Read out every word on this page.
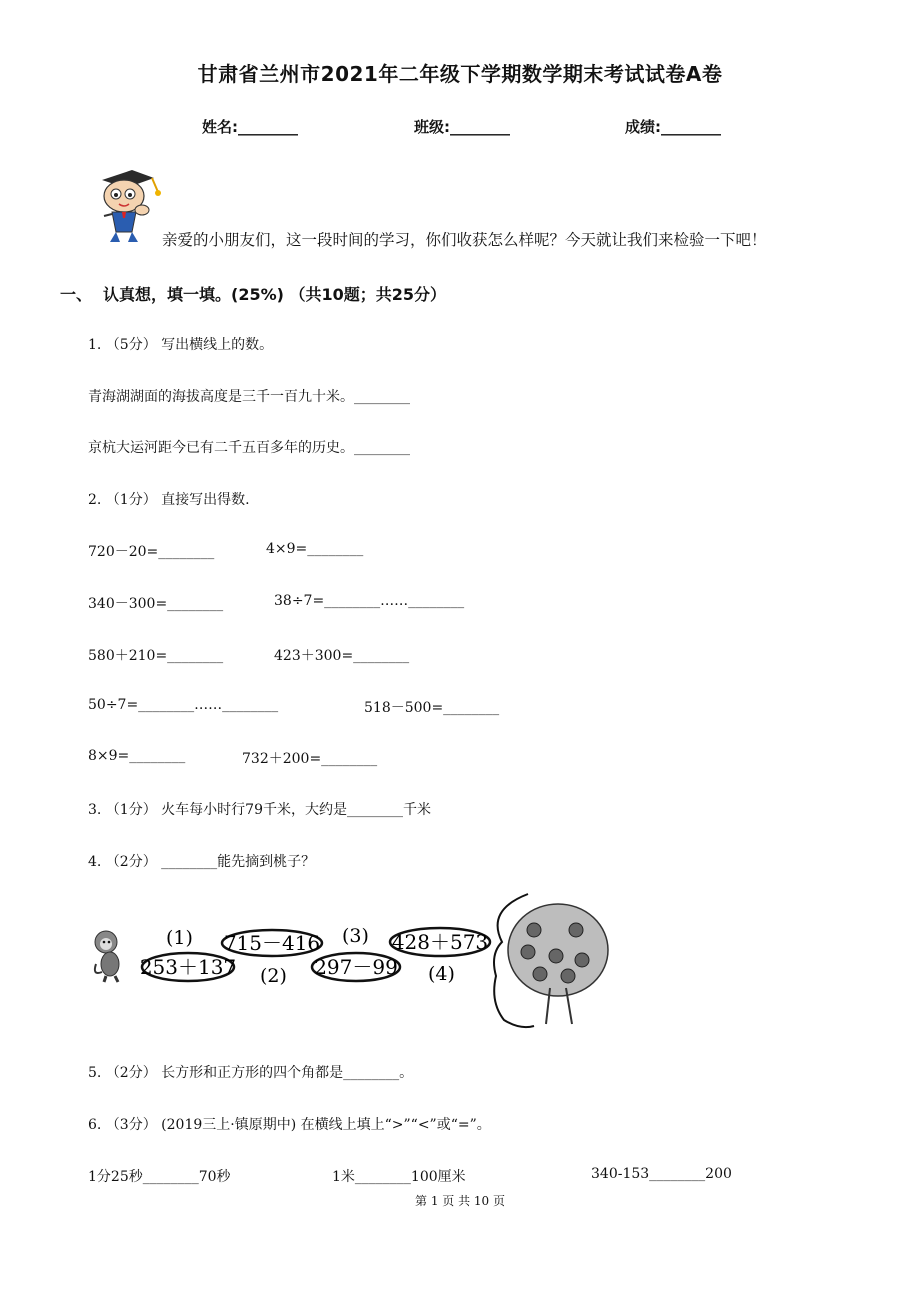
甘肃省兰州市2021年二年级下学期数学期末考试试卷A卷
姓名:________	班级:________	成绩:________
亲爱的小朋友们，这一段时间的学习，你们收获怎么样呢？今天就让我们来检验一下吧！
一、 认真想，填一填。(25%) （共10题；共25分）
1. （5分） 写出横线上的数。
青海湖湖面的海拔高度是三千一百九十米。________
京杭大运河距今已有二千五百多年的历史。________
2. （1分） 直接写出得数.
720－20=________	4×9=________
340－300=________	38÷7=________……________
580＋210=________	423＋300=________
50÷7=________……________	518－500=________
8×9=________	732＋200=________
3. （1分） 火车每小时行79千米，大约是________千米
4. （2分） ________能先摘到桃子？
(1)
253＋137
715－416
(2)
(3)
297－99
428＋573
(4)
5. （2分） 长方形和正方形的四个角都是________。
6. （3分） (2019三上·镇原期中) 在横线上填上“>”“<”或“=”。
1分25秒________70秒	1米________100厘米	340-153________200
第 1 页 共 10 页
